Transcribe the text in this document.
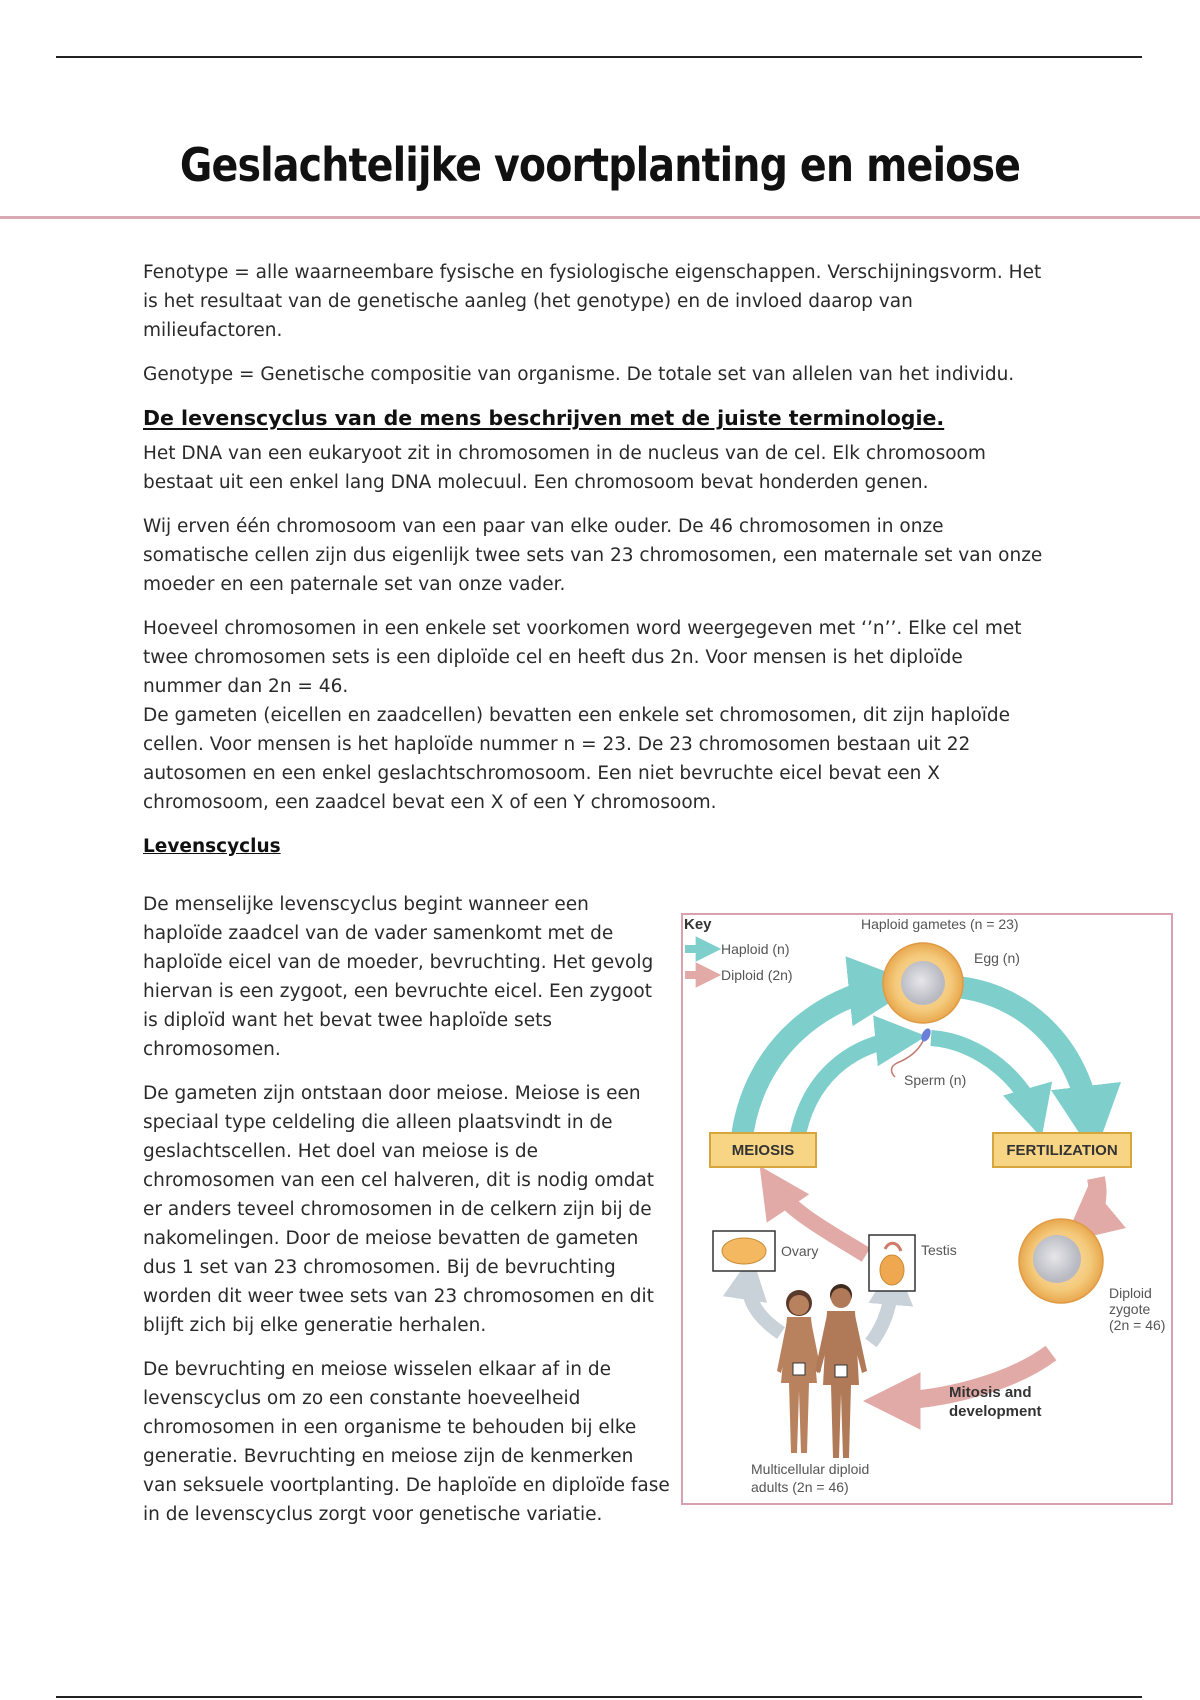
Geslachtelijke voortplanting en meiose

Fenotype = alle waarneembare fysische en fysiologische eigenschappen. Verschijningsvorm. Het is het resultaat van de genetische aanleg (het genotype) en de invloed daarop van milieufactoren.

Genotype = Genetische compositie van organisme. De totale set van allelen van het individu.

De levenscyclus van de mens beschrijven met de juiste terminologie.

Het DNA van een eukaryoot zit in chromosomen in de nucleus van de cel. Elk chromosoom bestaat uit een enkel lang DNA molecuul. Een chromosoom bevat honderden genen.

Wij erven één chromosoom van een paar van elke ouder. De 46 chromosomen in onze somatische cellen zijn dus eigenlijk twee sets van 23 chromosomen, een maternale set van onze moeder en een paternale set van onze vader.

Hoeveel chromosomen in een enkele set voorkomen word weergegeven met ‘’n’’. Elke cel met twee chromosomen sets is een diploïde cel en heeft dus 2n. Voor mensen is het diploïde nummer dan 2n = 46.

De gameten (eicellen en zaadcellen) bevatten een enkele set chromosomen, dit zijn haploïde cellen. Voor mensen is het haploïde nummer n = 23. De 23 chromosomen bestaan uit 22 autosomen en een enkel geslachtschromosoom. Een niet bevruchte eicel bevat een X chromosoom, een zaadcel bevat een X of een Y chromosoom.

Levenscyclus

De menselijke levenscyclus begint wanneer een haploïde zaadcel van de vader samenkomt met de haploïde eicel van de moeder, bevruchting. Het gevolg hiervan is een zygoot, een bevruchte eicel. Een zygoot is diploïd want het bevat twee haploïde sets chromosomen.

De gameten zijn ontstaan door meiose. Meiose is een speciaal type celdeling die alleen plaatsvindt in de geslachtscellen. Het doel van meiose is de chromosomen van een cel halveren, dit is nodig omdat er anders teveel chromosomen in de celkern zijn bij de nakomelingen. Door de meiose bevatten de gameten dus 1 set van 23 chromosomen. Bij de bevruchting worden dit weer twee sets van 23 chromosomen en dit blijft zich bij elke generatie herhalen.

De bevruchting en meiose wisselen elkaar af in de levenscyclus om zo een constante hoeveelheid chromosomen in een organisme te behouden bij elke generatie. Bevruchting en meiose zijn de kenmerken van seksuele voortplanting. De haploïde en diploïde fase in de levenscyclus zorgt voor genetische variatie.

Key
Haploid (n)
Diploid (2n)
Haploid gametes (n = 23)
Egg (n)
Sperm (n)
MEIOSIS	FERTILIZATION
Diploid
zygote
(2n = 46)
Ovary	Testis
Mitosis and
development
Multicellular diploid
adults (2n = 46)
